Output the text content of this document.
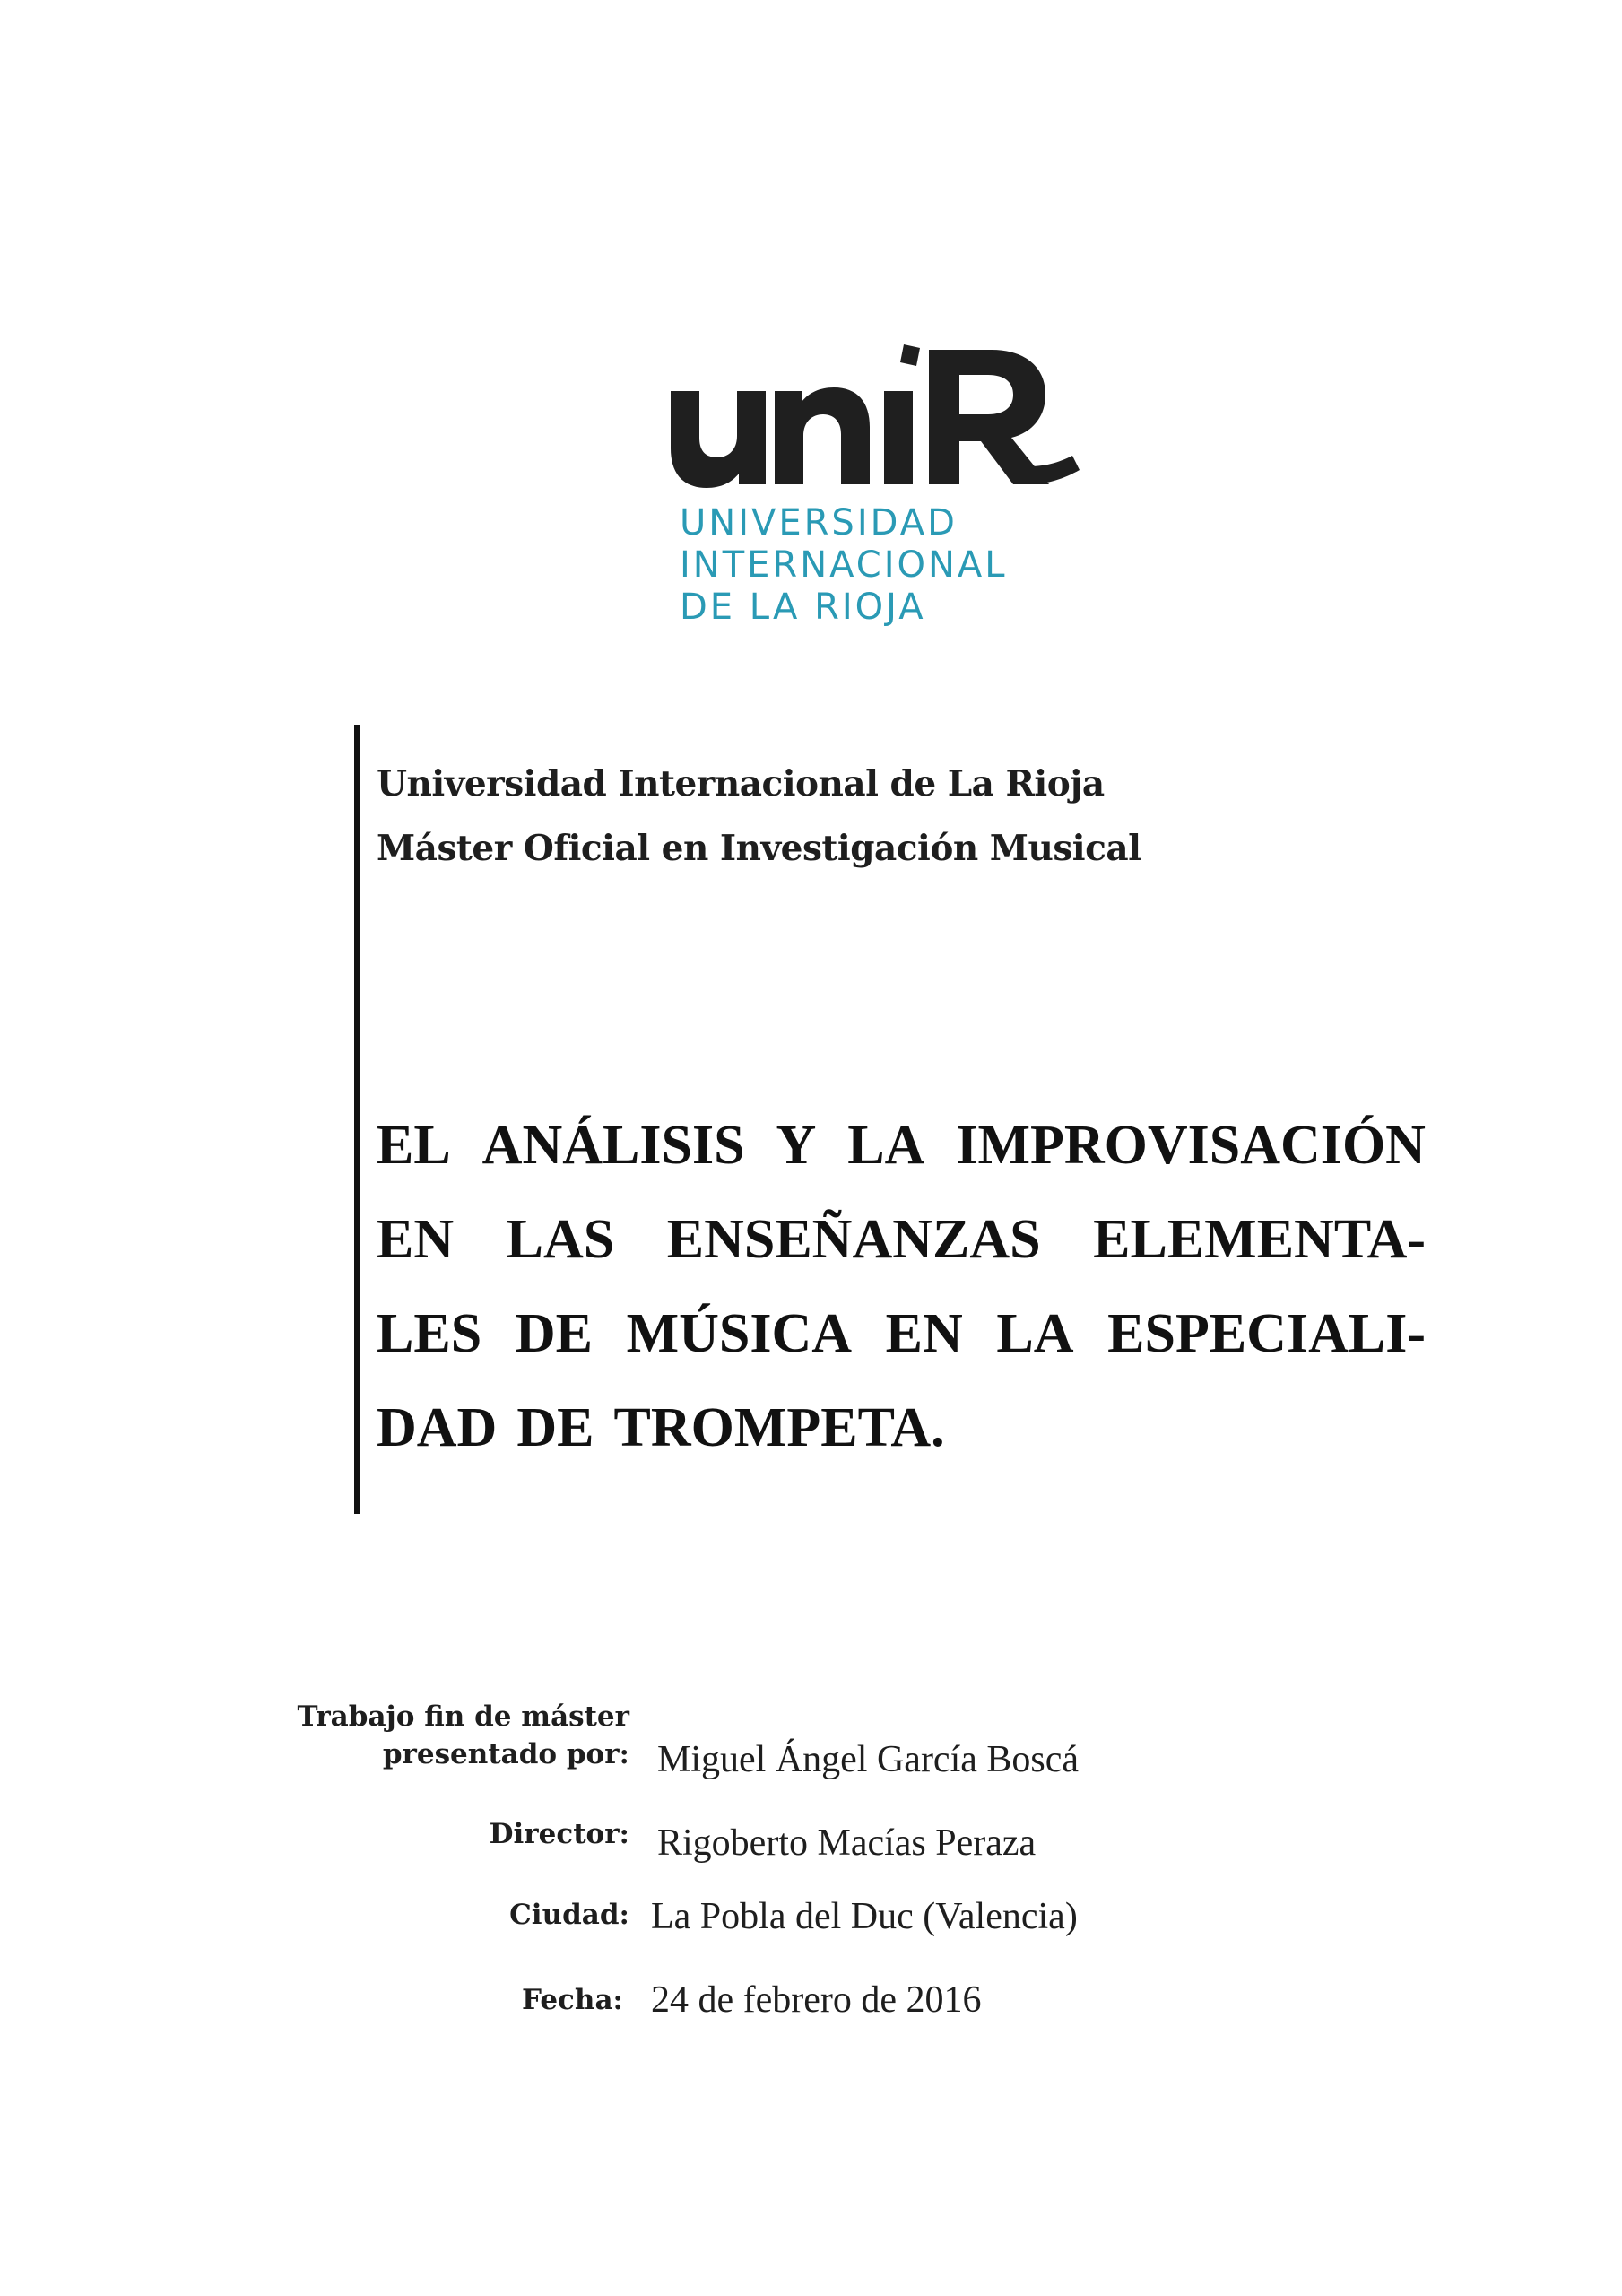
UNIVERSIDAD
INTERNACIONAL
DE LA RIOJA
Universidad Internacional de La Rioja
Máster Oficial en Investigación Musical
EL ANÁLISIS Y LA IMPROVISACIÓN
EN LAS ENSEÑANZAS ELEMENTA-
LES DE MÚSICA EN LA ESPECIALI-
DAD DE TROMPETA.
Trabajo fin de máster
presentado por: Miguel Ángel García Boscá
Director: Rigoberto Macías Peraza
Ciudad: La Pobla del Duc (Valencia)
Fecha: 24 de febrero de 2016
